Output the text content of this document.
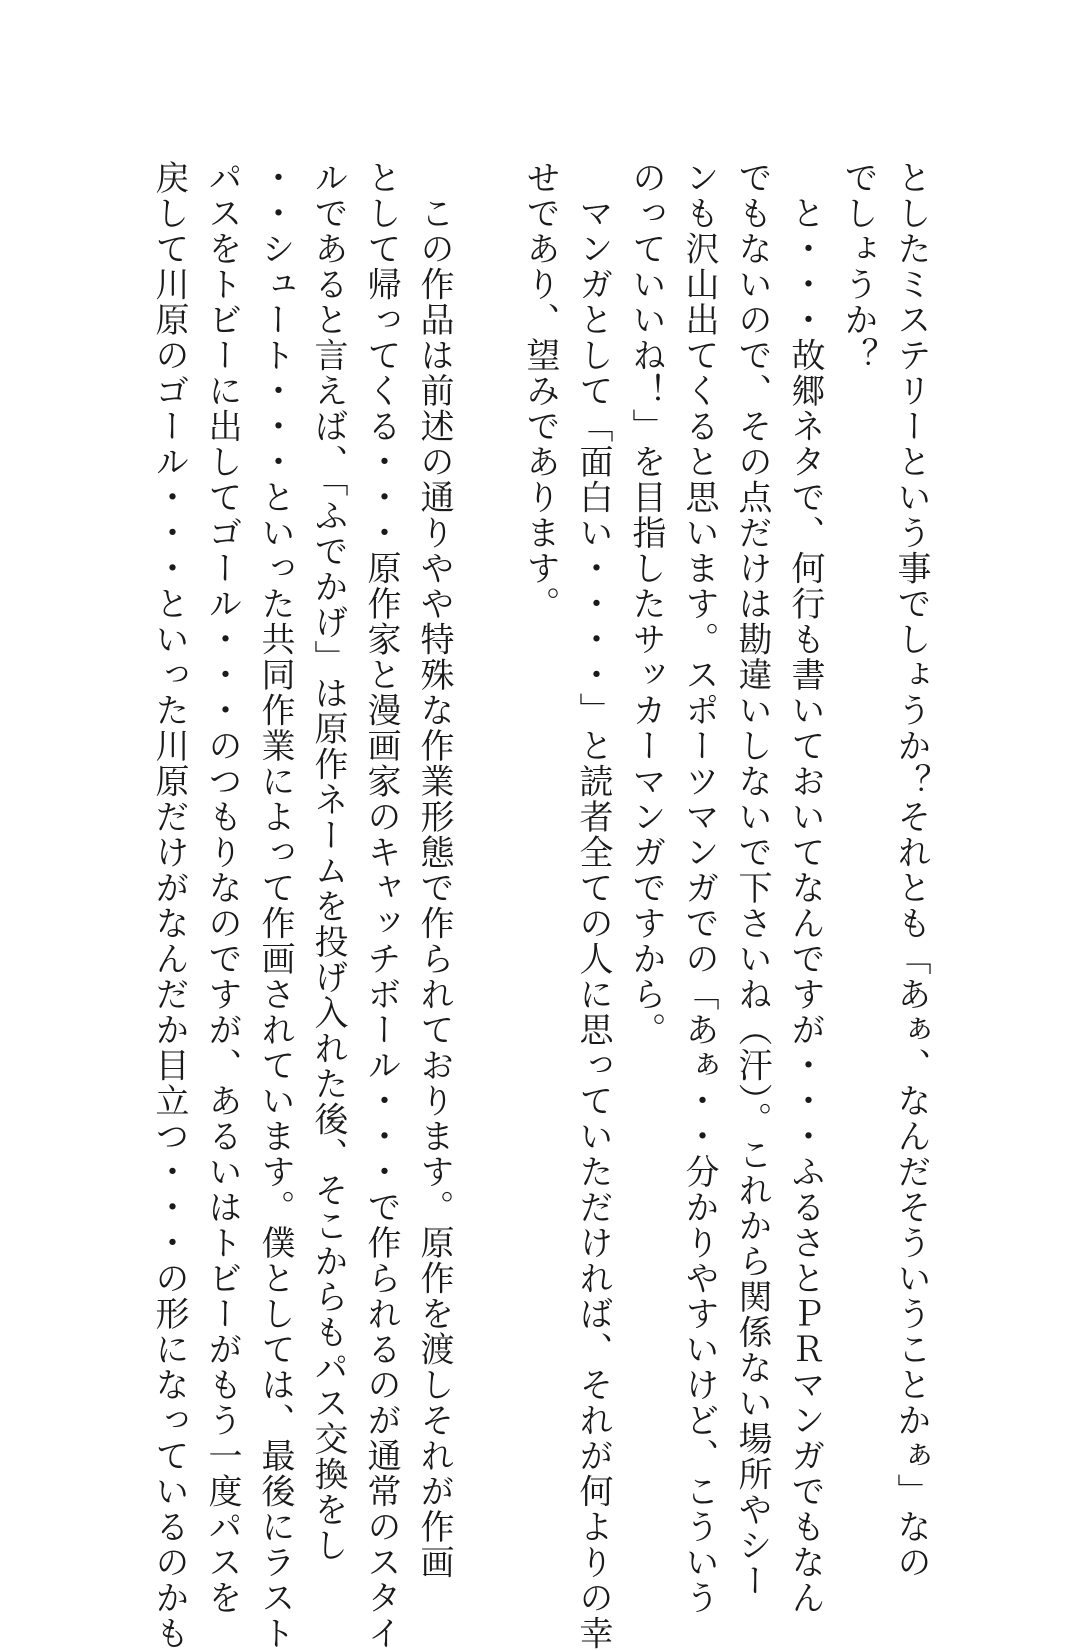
としたミステリーという事でしょうか？それとも「あぁ、なんだそういうことかぁ」なの
でしょうか？
　と・・・故郷ネタで、何行も書いておいてなんですが・・・ふるさとＰＲマンガでもなん
でもないので、その点だけは勘違いしないで下さいね（汗）。これから関係ない場所やシー
ンも沢山出てくると思います。スポーツマンガでの「あぁ・・分かりやすいけど、こういう
のっていいね！」を目指したサッカーマンガですから。
　マンガとして「面白い・・・・」と読者全ての人に思っていただければ、それが何よりの幸
せであり、望みであります。
　この作品は前述の通りやや特殊な作業形態で作られております。原作を渡しそれが作画
として帰ってくる・・・原作家と漫画家のキャッチボール・・・で作られるのが通常のスタイ
ルであると言えば、「ふでかげ」は原作ネームを投げ入れた後、そこからもパス交換をし
・・シュート・・・といった共同作業によって作画されています。僕としては、最後にラスト
パスをトビーに出してゴール・・・のつもりなのですが、あるいはトビーがもう一度パスを
戻して川原のゴール・・・といった川原だけがなんだか目立つ・・・の形になっているのかも
